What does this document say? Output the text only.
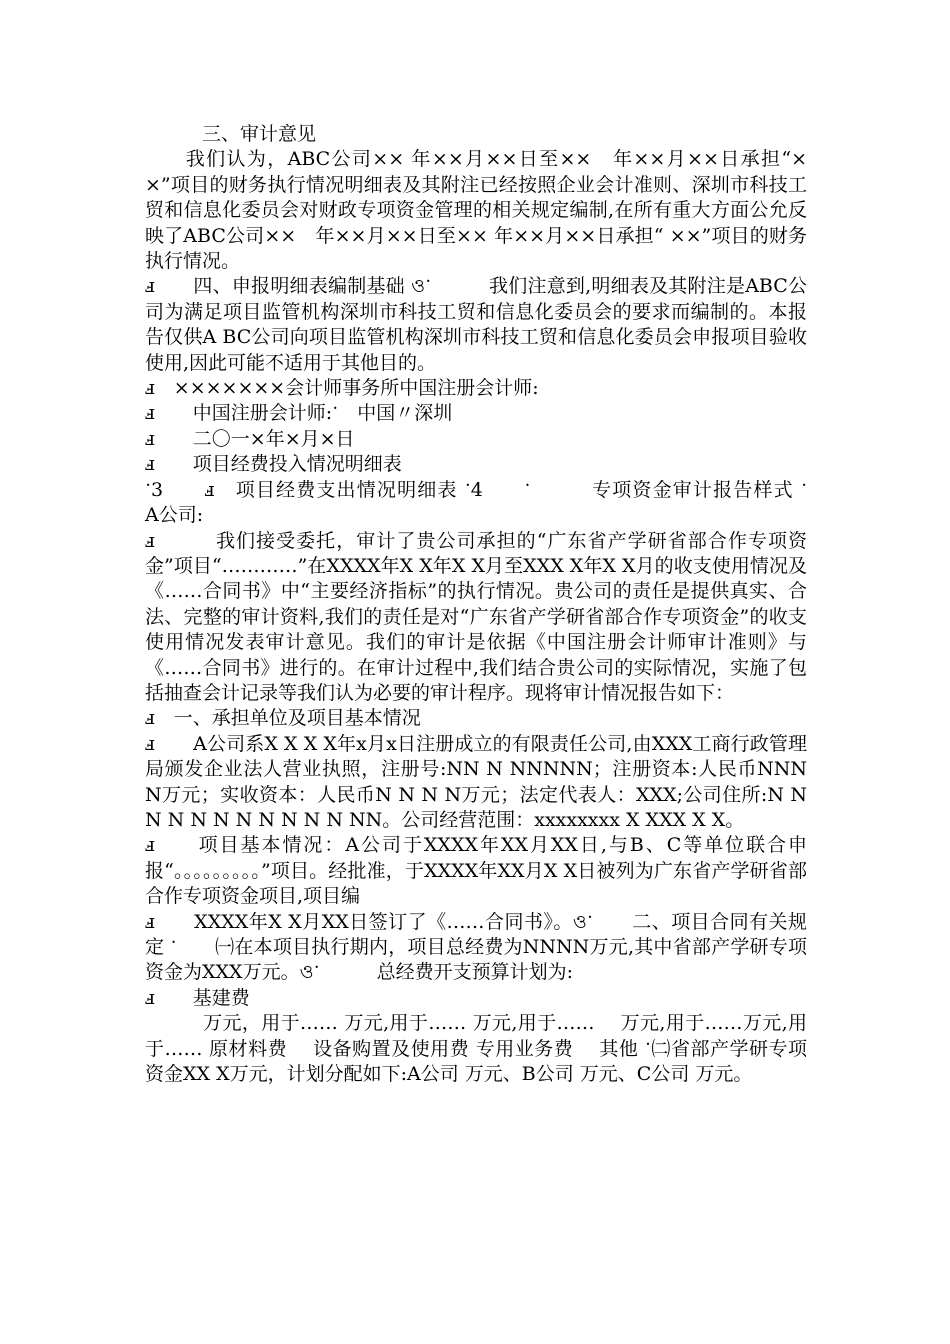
　　　三、审计意见

　　我们认为，ABC公司×× 年××月××日至××　年××月××日承担“××”项目的财务执行情况明细表及其附注已经按照企业会计准则、深圳市科技工贸和信息化委员会对财政专项资金管理的相关规定编制,在所有重大方面公允反映了ABC公司××　年××月××日至×× 年××月××日承担“ ××”项目的财务执行情况。

ⅎ　　四、申报明细表编制基础 ওॱ　　　我们注意到,明细表及其附注是ABC公司为满足项目监管机构深圳市科技工贸和信息化委员会的要求而编制的。本报告仅供A BC公司向项目监管机构深圳市科技工贸和信息化委员会申报项目验收使用,因此可能不适用于其他目的。

ⅎ　×××××××会计师事务所中国注册会计师:

ⅎ　　中国注册会计师:ॱ　中国〃深圳

ⅎ　　二〇一×年×月×日

ⅎ　　项目经费投入情况明细表

ॱ3　　ⅎ　项目经费支出情况明细表 ॱ4　　ॱ　　　专项资金审计报告样式 ॱ　　A公司:

ⅎ　　　我们接受委托，审计了贵公司承担的“广东省产学研省部合作专项资金”项目“…………”在XXXX年X X年X X月至XXX X年X X月的收支使用情况及《……合同书》中“主要经济指标”的执行情况。贵公司的责任是提供真实、合法、完整的审计资料,我们的责任是对“广东省产学研省部合作专项资金”的收支使用情况发表审计意见。我们的审计是依据《中国注册会计师审计准则》与《……合同书》进行的。在审计过程中,我们结合贵公司的实际情况，实施了包括抽查会计记录等我们认为必要的审计程序。现将审计情况报告如下：

ⅎ　一、承担单位及项目基本情况

ⅎ　　A公司系X X X X年x月x日注册成立的有限责任公司,由XXX工商行政管理局颁发企业法人营业执照，注册号:NN N NNNNN；注册资本:人民币NNN N万元；实收资本：人民币N N N N万元；法定代表人：XXX;公司住所:N NN N N N N N N N N NN。公司经营范围：xxxxxxxx X XXX X X。

ⅎ　　项目基本情况：A公司于XXXX年XX月XX日,与B、C等单位联合申报“。。。。。。。。。”项目。经批准，于XXXX年XX月X X日被列为广东省产学研省部合作专项资金项目,项目编

ⅎ　　XXXX年X X月XX日签订了《……合同书》。ওॱ　　二、项目合同有关规定 ॱ　　㈠在本项目执行期内，项目总经费为NNNN万元,其中省部产学研专项资金为XXX万元。ওॱ　　　总经费开支预算计划为:

ⅎ　　基建费

　　　万元，用于…… 万元,用于…… 万元,用于……　 万元,用于……万元,用于…… 原材料费　 设备购置及使用费 专用业务费　 其他 ॱ㈡省部产学研专项资金XX X万元，计划分配如下:A公司 万元、B公司 万元、C公司 万元。
